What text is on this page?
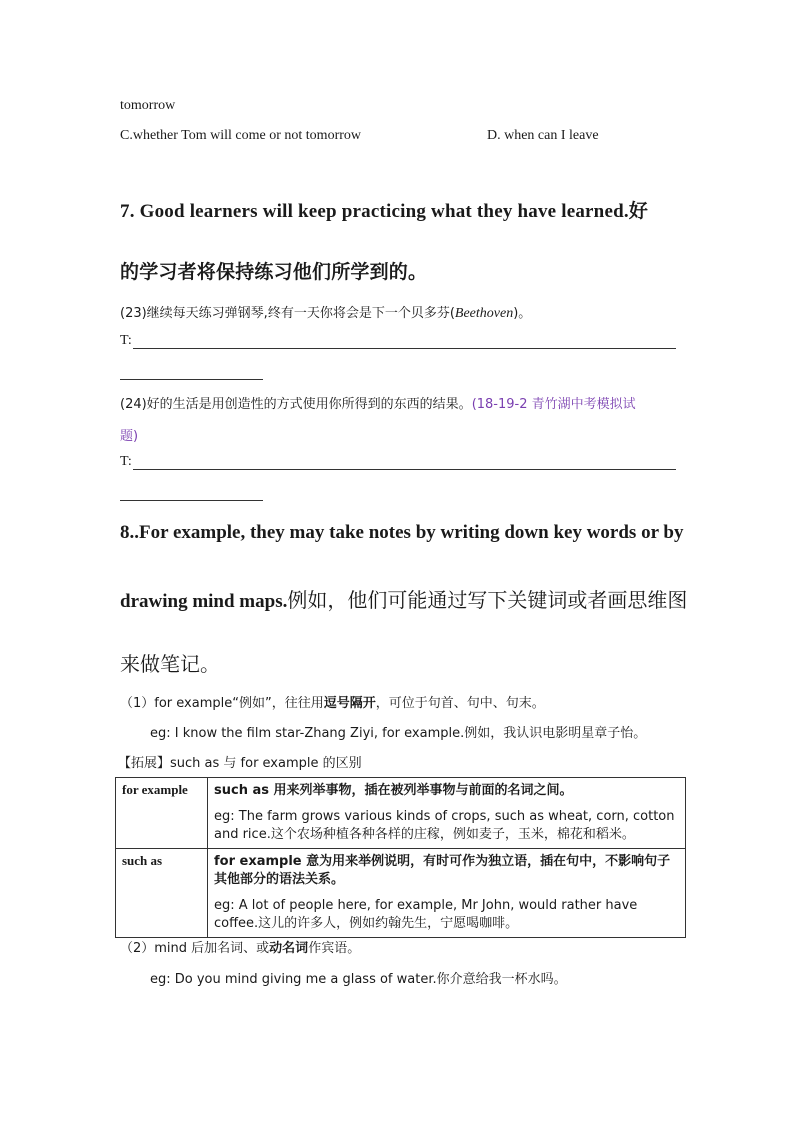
tomorrow
C.whether Tom will come or not tomorrow	D. when can I leave
7. Good learners will keep practicing what they have learned.好
的学习者将保持练习他们所学到的。
(23)继续每天练习弹钢琴,终有一天你将会是下一个贝多芬(Beethoven)。
T:
(24)好的生活是用创造性的方式使用你所得到的东西的结果。(18-19-2 青竹湖中考模拟试
题)
T:
8..For example, they may take notes by writing down key words or by
drawing mind maps.例如，他们可能通过写下关键词或者画思维图
来做笔记。
（1）for example“例如”，往往用逗号隔开，可位于句首、句中、句末。
eg: I know the film star-Zhang Ziyi, for example.例如，我认识电影明星章子怡。
【拓展】such as 与 for example 的区别
for example	such as 用来列举事物，插在被列举事物与前面的名词之间。
eg: The farm grows various kinds of crops, such as wheat, corn, cotton and rice.这个农场种植各种各样的庄稼，例如麦子，玉米，棉花和稻米。

such as	for example 意为用来举例说明，有时可作为独立语，插在句中，不影响句子其他部分的语法关系。
eg: A lot of people here, for example, Mr John, would rather have coffee.这儿的许多人，例如约翰先生，宁愿喝咖啡。
（2）mind 后加名词、或动名词作宾语。
eg: Do you mind giving me a glass of water.你介意给我一杯水吗。
